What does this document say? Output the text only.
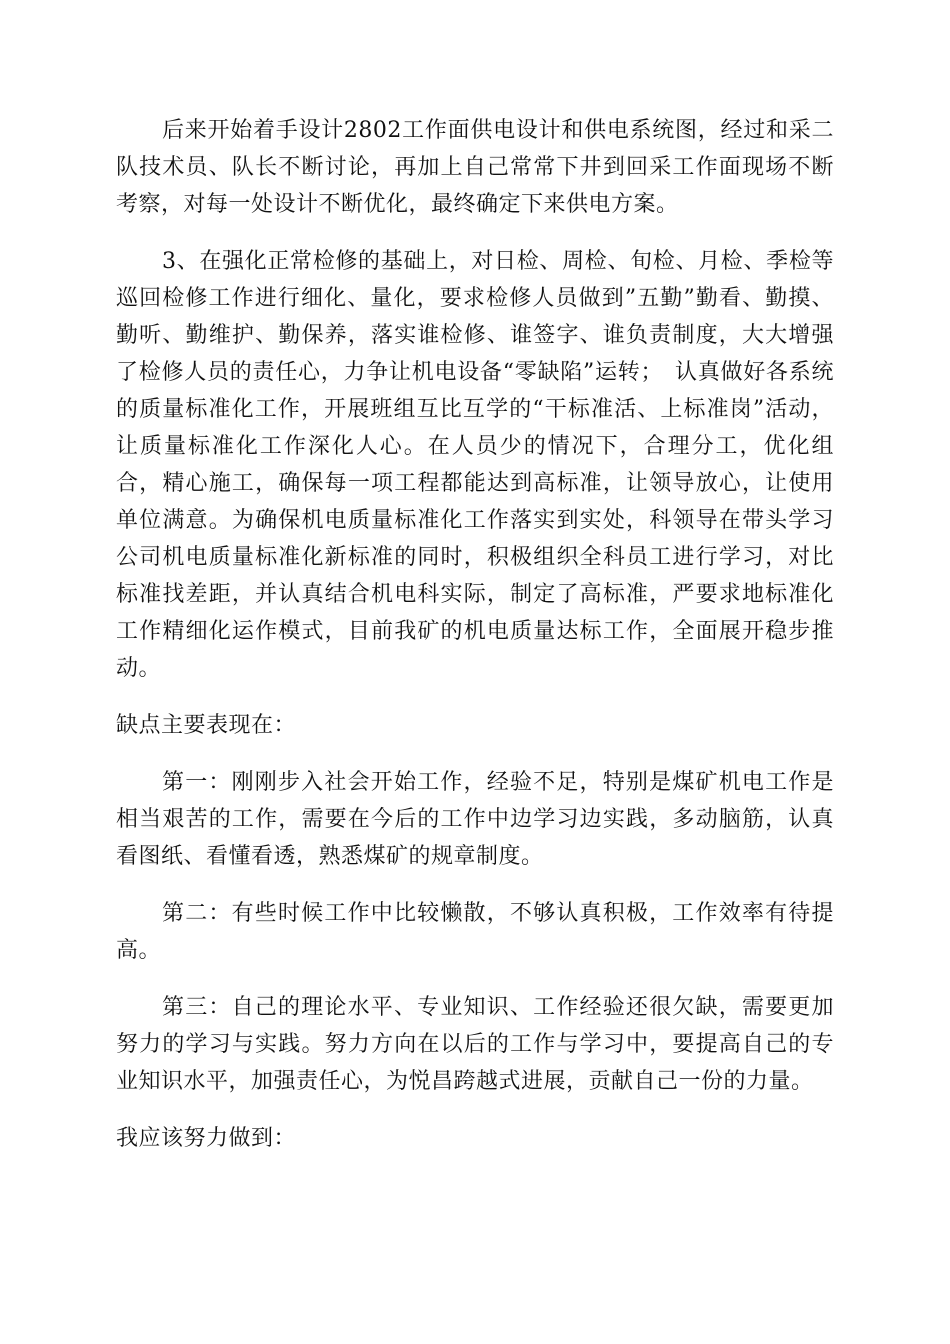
后来开始着手设计2802工作面供电设计和供电系统图，经过和采二队技术员、队长不断讨论，再加上自己常常下井到回采工作面现场不断考察，对每一处设计不断优化，最终确定下来供电方案。

3、在强化正常检修的基础上，对日检、周检、旬检、月检、季检等巡回检修工作进行细化、量化，要求检修人员做到”五勤”勤看、勤摸、勤听、勤维护、勤保养，落实谁检修、谁签字、谁负责制度，大大增强了检修人员的责任心，力争让机电设备“零缺陷”运转；　认真做好各系统的质量标准化工作，开展班组互比互学的“干标准活、上标准岗”活动，让质量标准化工作深化人心。在人员少的情况下，合理分工，优化组合，精心施工，确保每一项工程都能达到高标准，让领导放心，让使用单位满意。为确保机电质量标准化工作落实到实处，科领导在带头学习公司机电质量标准化新标准的同时，积极组织全科员工进行学习，对比标准找差距，并认真结合机电科实际，制定了高标准，严要求地标准化工作精细化运作模式，目前我矿的机电质量达标工作，全面展开稳步推动。

缺点主要表现在：

第一：刚刚步入社会开始工作，经验不足，特别是煤矿机电工作是相当艰苦的工作，需要在今后的工作中边学习边实践，多动脑筋，认真看图纸、看懂看透，熟悉煤矿的规章制度。

第二：有些时候工作中比较懒散，不够认真积极，工作效率有待提高。

第三：自己的理论水平、专业知识、工作经验还很欠缺，需要更加努力的学习与实践。努力方向在以后的工作与学习中，要提高自己的专业知识水平，加强责任心，为悦昌跨越式进展，贡献自己一份的力量。

我应该努力做到：
